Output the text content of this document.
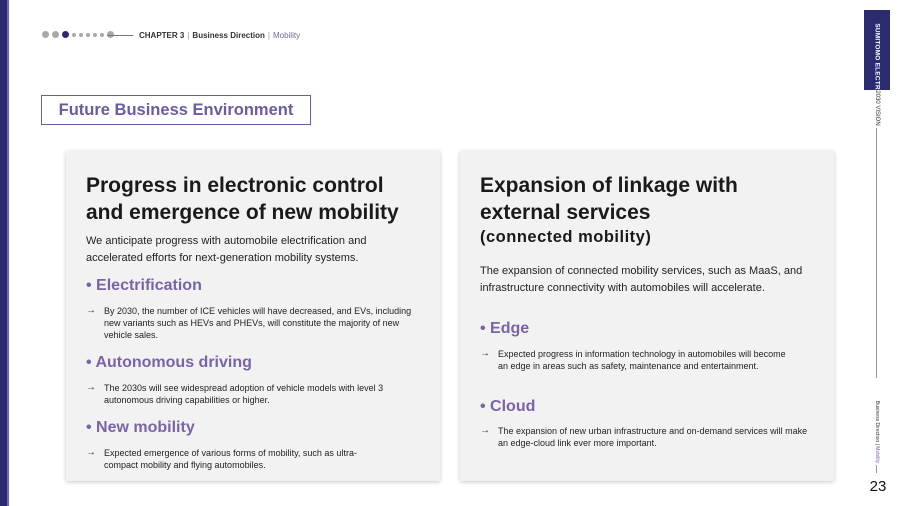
CHAPTER 3 | Business Direction | Mobility	SUMITOMO ELECTRIC
2030 VISION
Business Direction | Mobility
23
Future Business Environment
Progress in electronic control
and emergence of new mobility
We anticipate progress with automobile electrification and accelerated efforts for next-generation mobility systems.
• Electrification
→ By 2030, the number of ICE vehicles will have decreased, and EVs, including new variants such as HEVs and PHEVs, will constitute the majority of new vehicle sales.
• Autonomous driving
→ The 2030s will see widespread adoption of vehicle models with level 3 autonomous driving capabilities or higher.
• New mobility
→ Expected emergence of various forms of mobility, such as ultra-compact mobility and flying automobiles.
Expansion of linkage with
external services
(connected mobility)
The expansion of connected mobility services, such as MaaS, and infrastructure connectivity with automobiles will accelerate.
• Edge
→ Expected progress in information technology in automobiles will become an edge in areas such as safety, maintenance and entertainment.
• Cloud
→ The expansion of new urban infrastructure and on-demand services will make an edge-cloud link ever more important.
